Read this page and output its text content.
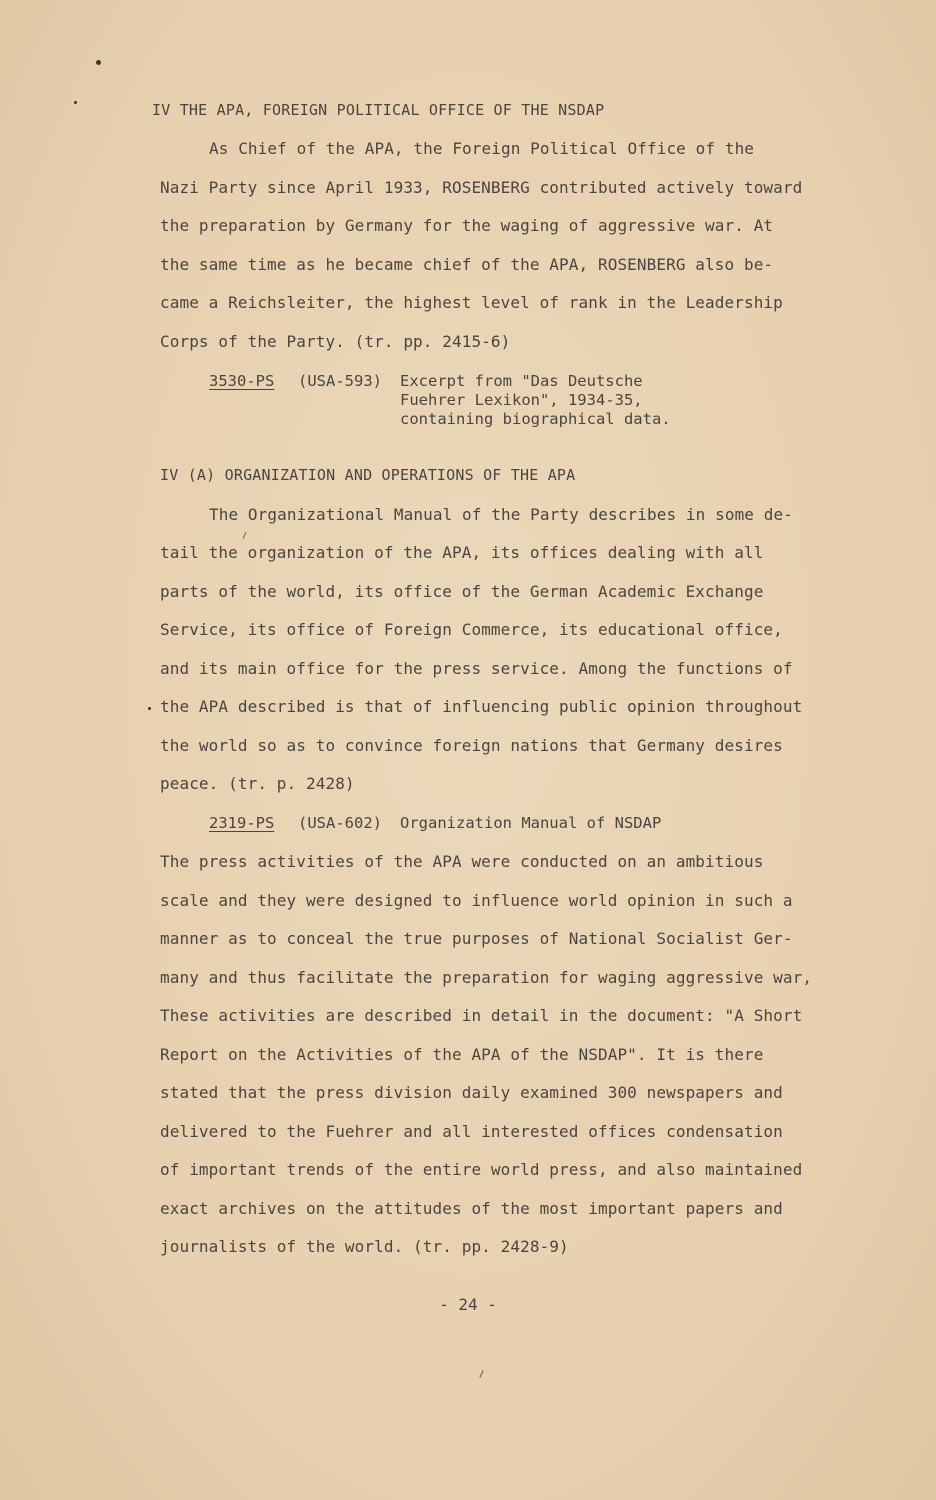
IV THE APA, FOREIGN POLITICAL OFFICE OF THE NSDAP
As Chief of the APA, the Foreign Political Office of the
Nazi Party since April 1933, ROSENBERG contributed actively toward
the preparation by Germany for the waging of aggressive war. At
the same time as he became chief of the APA, ROSENBERG also be-
came a Reichsleiter, the highest level of rank in the Leadership
Corps of the Party. (tr. pp. 2415-6)
3530-PS (USA-593) Excerpt from "Das Deutsche
Fuehrer Lexikon", 1934-35,
containing biographical data.
IV (A) ORGANIZATION AND OPERATIONS OF THE APA
The Organizational Manual of the Party describes in some de-
tail the organization of the APA, its offices dealing with all
parts of the world, its office of the German Academic Exchange
Service, its office of Foreign Commerce, its educational office,
and its main office for the press service. Among the functions of
the APA described is that of influencing public opinion throughout
the world so as to convince foreign nations that Germany desires
peace. (tr. p. 2428)
2319-PS (USA-602) Organization Manual of NSDAP
The press activities of the APA were conducted on an ambitious
scale and they were designed to influence world opinion in such a
manner as to conceal the true purposes of National Socialist Ger-
many and thus facilitate the preparation for waging aggressive war,
These activities are described in detail in the document: "A Short
Report on the Activities of the APA of the NSDAP". It is there
stated that the press division daily examined 300 newspapers and
delivered to the Fuehrer and all interested offices condensation
of important trends of the entire world press, and also maintained
exact archives on the attitudes of the most important papers and
journalists of the world. (tr. pp. 2428-9)
- 24 -
